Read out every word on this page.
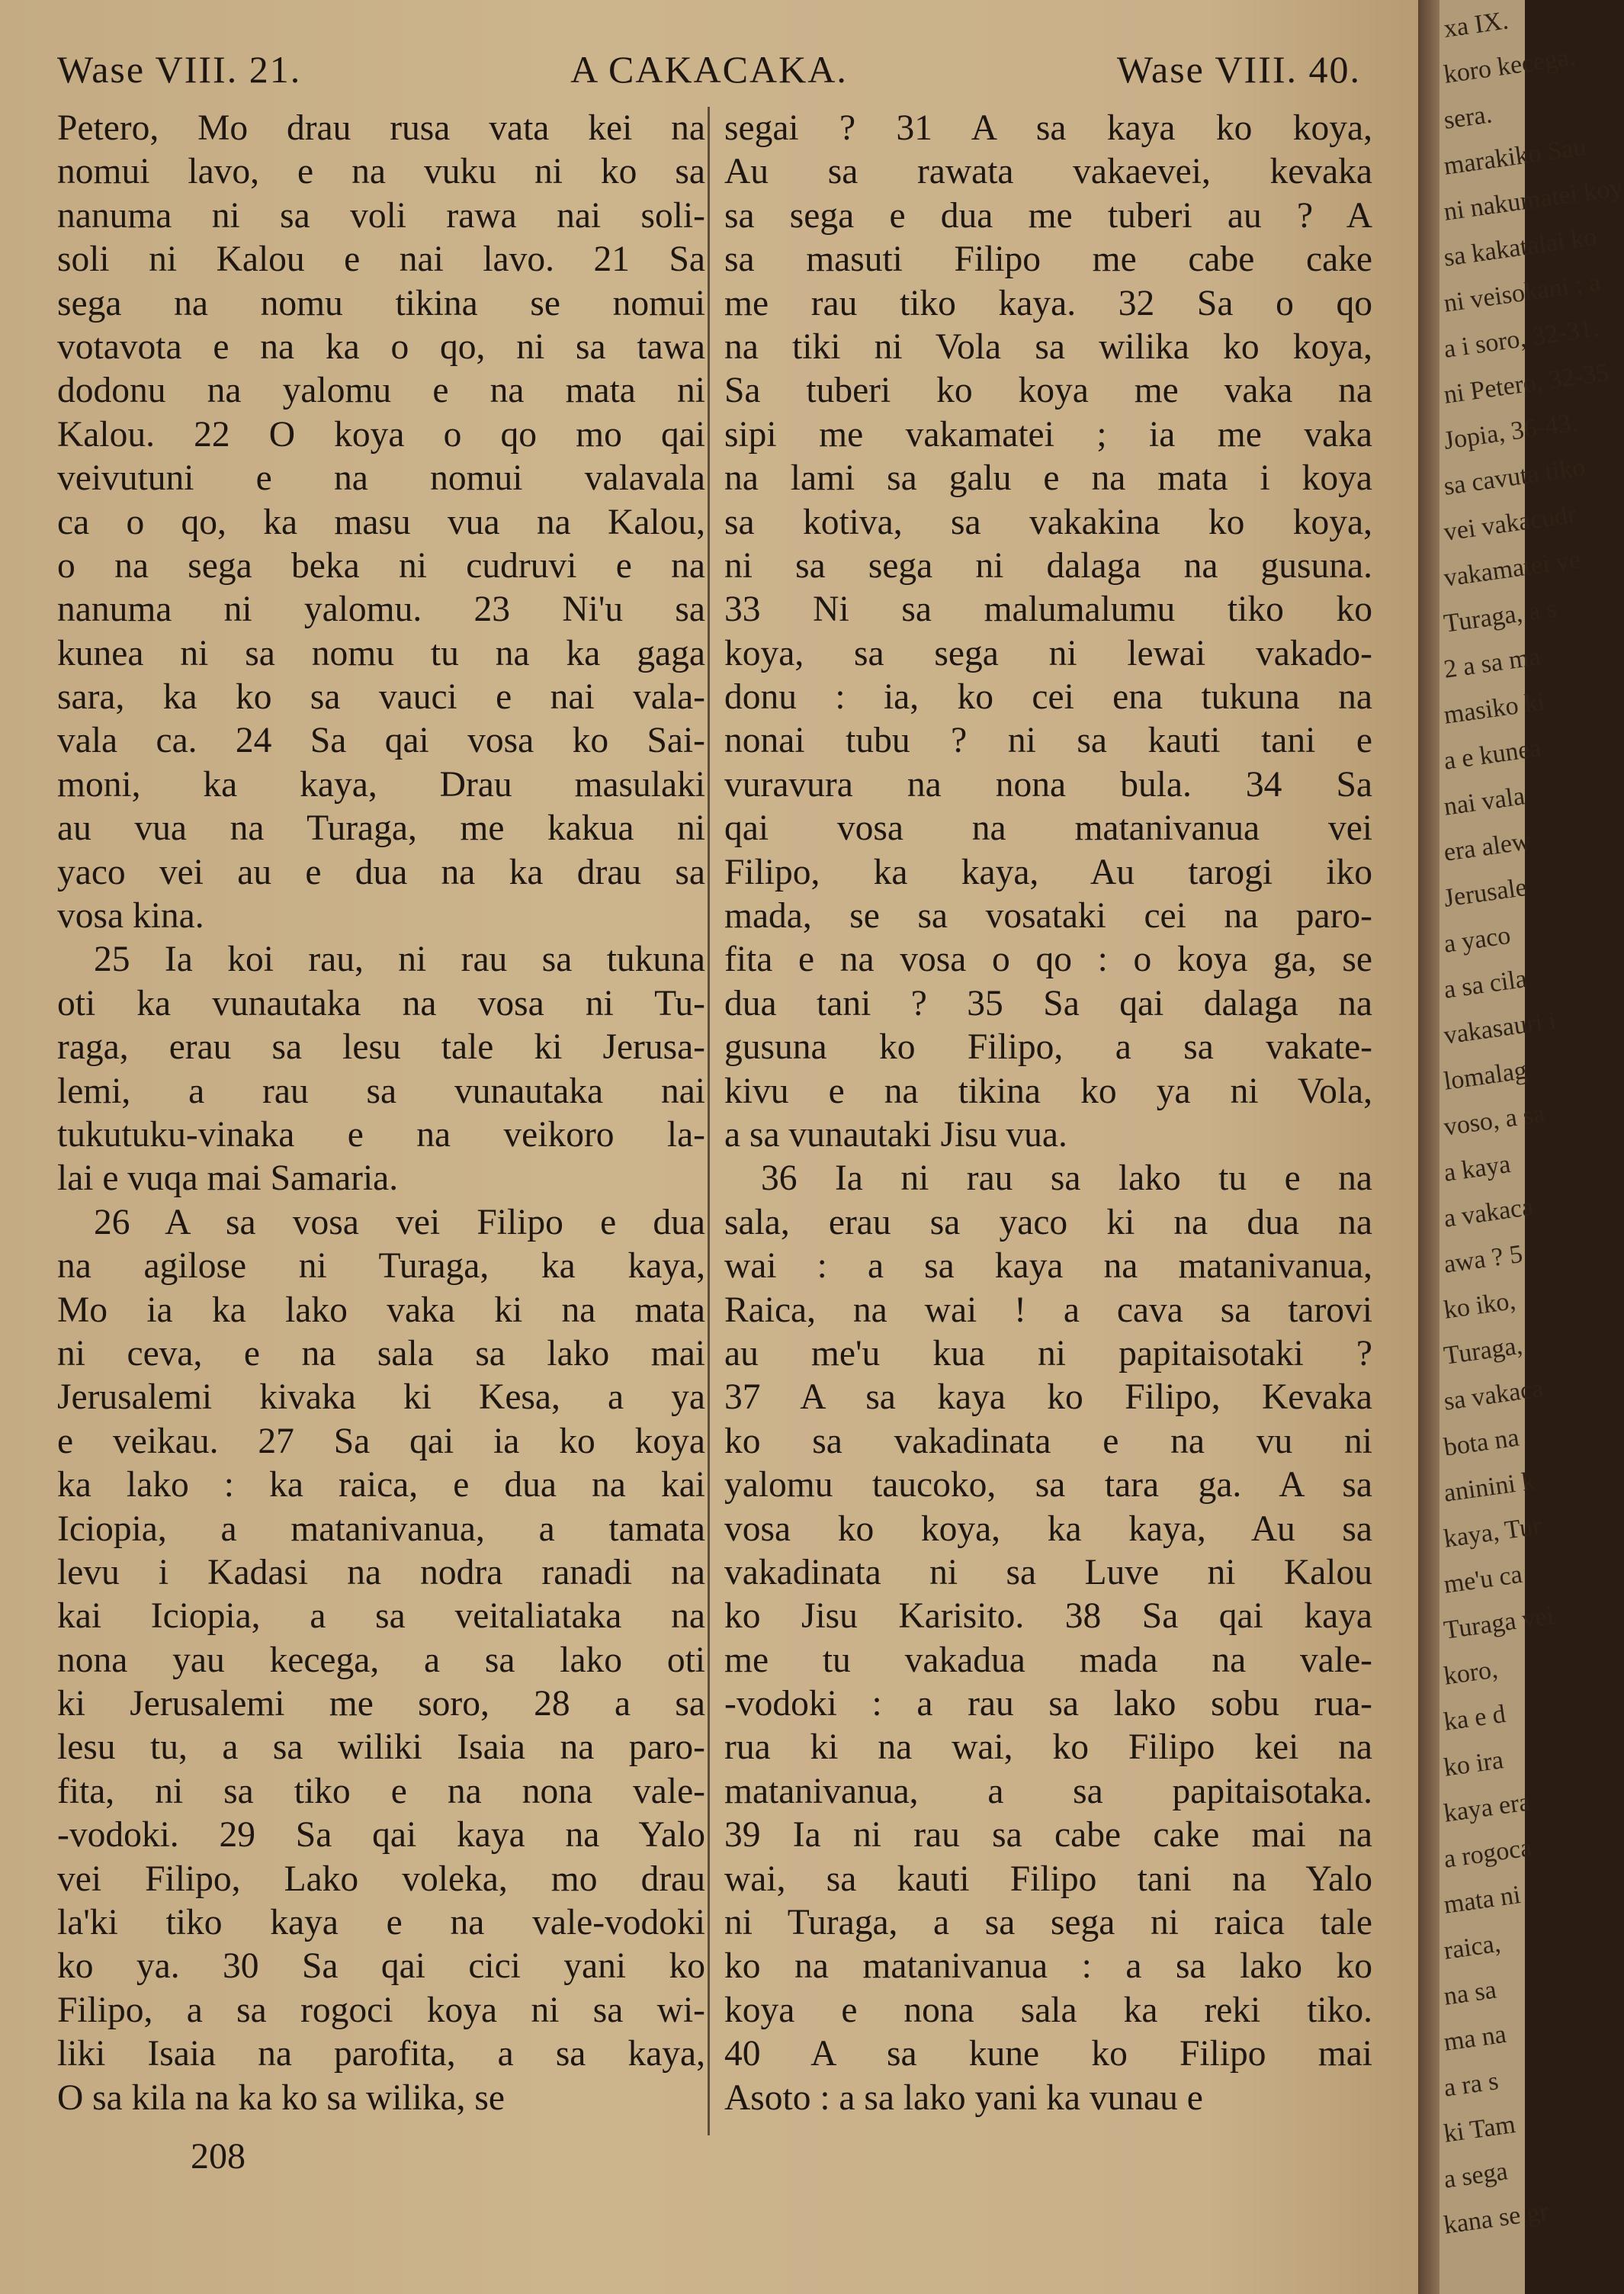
Wase VIII. 21.	A CAKACAKA.	Wase VIII. 40.
Petero, Mo drau rusa vata kei na
nomui lavo, e na vuku ni ko sa
nanuma ni sa voli rawa nai soli-
soli ni Kalou e nai lavo. 21 Sa
sega na nomu tikina se nomui
votavota e na ka o qo, ni sa tawa
dodonu na yalomu e na mata ni
Kalou. 22 O koya o qo mo qai
veivutuni e na nomui valavala
ca o qo, ka masu vua na Kalou,
o na sega beka ni cudruvi e na
nanuma ni yalomu. 23 Ni'u sa
kunea ni sa nomu tu na ka gaga
sara, ka ko sa vauci e nai vala-
vala ca. 24 Sa qai vosa ko Sai-
moni, ka kaya, Drau masulaki
au vua na Turaga, me kakua ni
yaco vei au e dua na ka drau sa
vosa kina.
25 Ia koi rau, ni rau sa tukuna
oti ka vunautaka na vosa ni Tu-
raga, erau sa lesu tale ki Jerusa-
lemi, a rau sa vunautaka nai
tukutuku-vinaka e na veikoro la-
lai e vuqa mai Samaria.
26 A sa vosa vei Filipo e dua
na agilose ni Turaga, ka kaya,
Mo ia ka lako vaka ki na mata
ni ceva, e na sala sa lako mai
Jerusalemi kivaka ki Kesa, a ya
e veikau. 27 Sa qai ia ko koya
ka lako : ka raica, e dua na kai
Iciopia, a matanivanua, a tamata
levu i Kadasi na nodra ranadi na
kai Iciopia, a sa veitaliataka na
nona yau kecega, a sa lako oti
ki Jerusalemi me soro, 28 a sa
lesu tu, a sa wiliki Isaia na paro-
fita, ni sa tiko e na nona vale-
-vodoki. 29 Sa qai kaya na Yalo
vei Filipo, Lako voleka, mo drau
la'ki tiko kaya e na vale-vodoki
ko ya. 30 Sa qai cici yani ko
Filipo, a sa rogoci koya ni sa wi-
liki Isaia na parofita, a sa kaya,
O sa kila na ka ko sa wilika, se
segai ? 31 A sa kaya ko koya,
Au sa rawata vakaevei, kevaka
sa sega e dua me tuberi au ? A
sa masuti Filipo me cabe cake
me rau tiko kaya. 32 Sa o qo
na tiki ni Vola sa wilika ko koya,
Sa tuberi ko koya me vaka na
sipi me vakamatei ; ia me vaka
na lami sa galu e na mata i koya
sa kotiva, sa vakakina ko koya,
ni sa sega ni dalaga na gusuna.
33 Ni sa malumalumu tiko ko
koya, sa sega ni lewai vakado-
donu : ia, ko cei ena tukuna na
nonai tubu ? ni sa kauti tani e
vuravura na nona bula. 34 Sa
qai vosa na matanivanua vei
Filipo, ka kaya, Au tarogi iko
mada, se sa vosataki cei na paro-
fita e na vosa o qo : o koya ga, se
dua tani ? 35 Sa qai dalaga na
gusuna ko Filipo, a sa vakate-
kivu e na tikina ko ya ni Vola,
a sa vunautaki Jisu vua.
36 Ia ni rau sa lako tu e na
sala, erau sa yaco ki na dua na
wai : a sa kaya na matanivanua,
Raica, na wai ! a cava sa tarovi
au me'u kua ni papitaisotaki ?
37 A sa kaya ko Filipo, Kevaka
ko sa vakadinata e na vu ni
yalomu taucoko, sa tara ga. A sa
vosa ko koya, ka kaya, Au sa
vakadinata ni sa Luve ni Kalou
ko Jisu Karisito. 38 Sa qai kaya
me tu vakadua mada na vale-
-vodoki : a rau sa lako sobu rua-
rua ki na wai, ko Filipo kei na
matanivanua, a sa papitaisotaka.
39 Ia ni rau sa cabe cake mai na
wai, sa kauti Filipo tani na Yalo
ni Turaga, a sa sega ni raica tale
ko na matanivanua : a sa lako ko
koya e nona sala ka reki tiko.
40 A sa kune ko Filipo mai
Asoto : a sa lako yani ka vunau e
208
xa IX.
koro kecega,
sera.
marakiko Sau
ni nakumatei koy
sa kakatalai ko
ni veisokani ; a
a i soro, 32-31.
ni Petero, 32-35
Jopia, 36-43.
sa cavuta tiko
vei vakacudr
vakamatei ve
Turaga, a s
2 a sa ma
masiko ki
a e kunea
nai vala
era alew
Jerusale
a yaco
a sa cila
vakasauri i
lomalag
voso, a sa
a kaya
a vakaca
awa ? 5
ko iko,
Turaga,
sa vakaca
bota na
aninini k
kaya, Tur
me'u ca
Turaga vei
koro,
ka e d
ko ira
kaya era
a rogoca
mata ni
raica,
na sa
ma na
a ra s
ki Tam
a sega
kana se gr
